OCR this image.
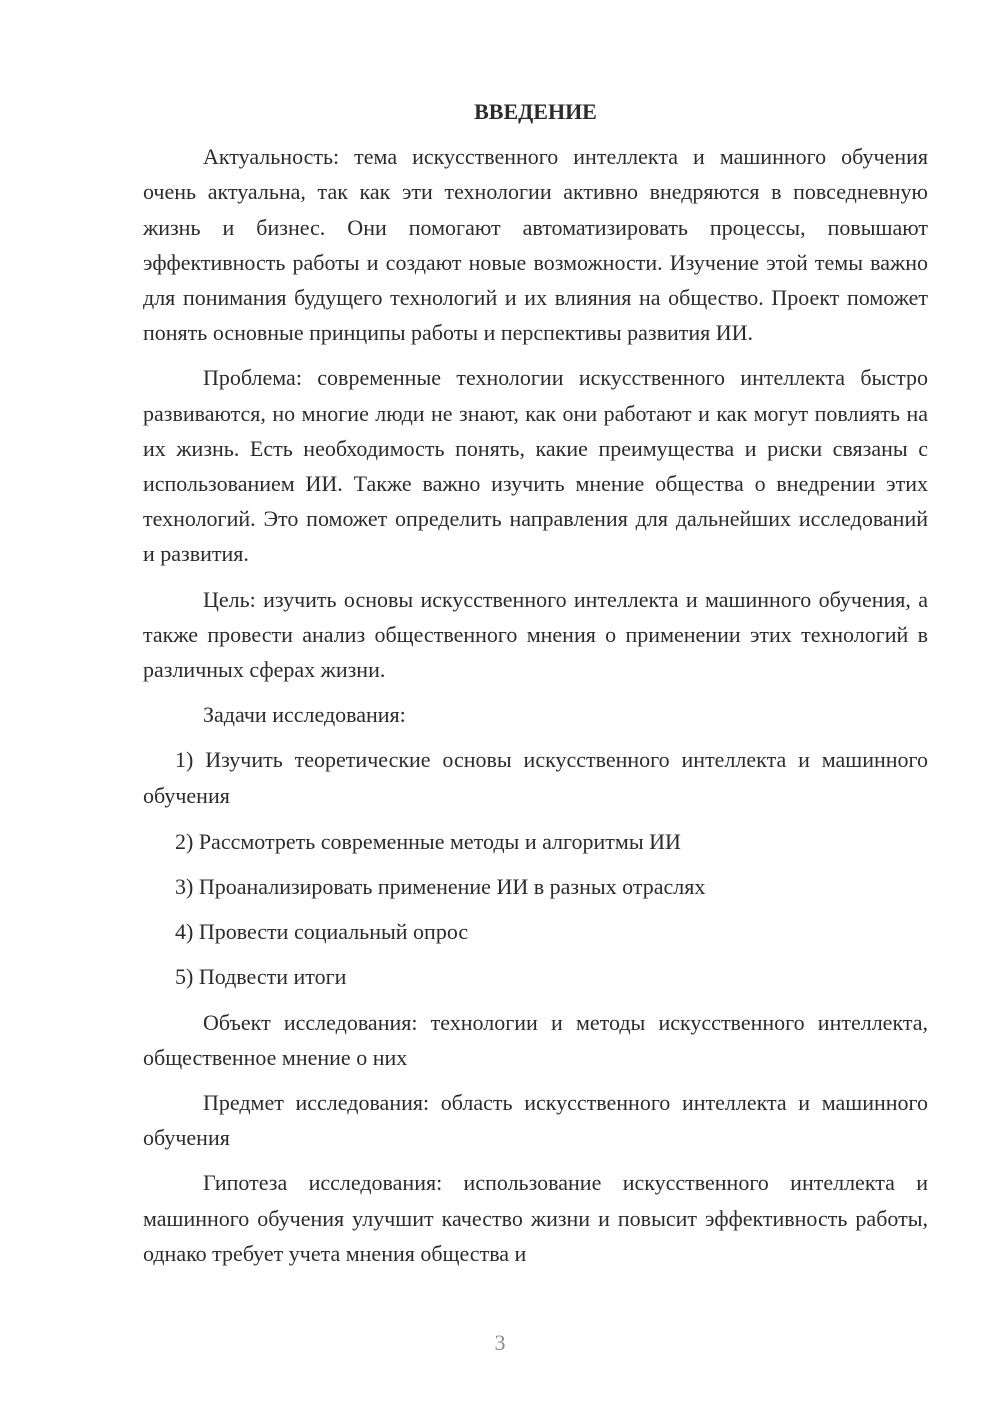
ВВЕДЕНИЕ

Актуальность: тема искусственного интеллекта и машинного обучения очень актуальна, так как эти технологии активно внедряются в повседневную жизнь и бизнес. Они помогают автоматизировать процессы, повышают эффективность работы и создают новые возможности. Изучение этой темы важно для понимания будущего технологий и их влияния на общество. Проект поможет понять основные принципы работы и перспективы развития ИИ.

Проблема: современные технологии искусственного интеллекта быстро развиваются, но многие люди не знают, как они работают и как могут повлиять на их жизнь. Есть необходимость понять, какие преимущества и риски связаны с использованием ИИ. Также важно изучить мнение общества о внедрении этих технологий. Это поможет определить направления для дальнейших исследований и развития.

Цель: изучить основы искусственного интеллекта и машинного обучения, а также провести анализ общественного мнения о применении этих технологий в различных сферах жизни.

Задачи исследования:

1) Изучить теоретические основы искусственного интеллекта и машинного обучения

2) Рассмотреть современные методы и алгоритмы ИИ

3) Проанализировать применение ИИ в разных отраслях

4) Провести социальный опрос

5) Подвести итоги

Объект исследования: технологии и методы искусственного интеллекта, общественное мнение о них

Предмет исследования: область искусственного интеллекта и машинного обучения

Гипотеза исследования: использование искусственного интеллекта и машинного обучения улучшит качество жизни и повысит эффективность работы, однако требует учета мнения общества и

3
